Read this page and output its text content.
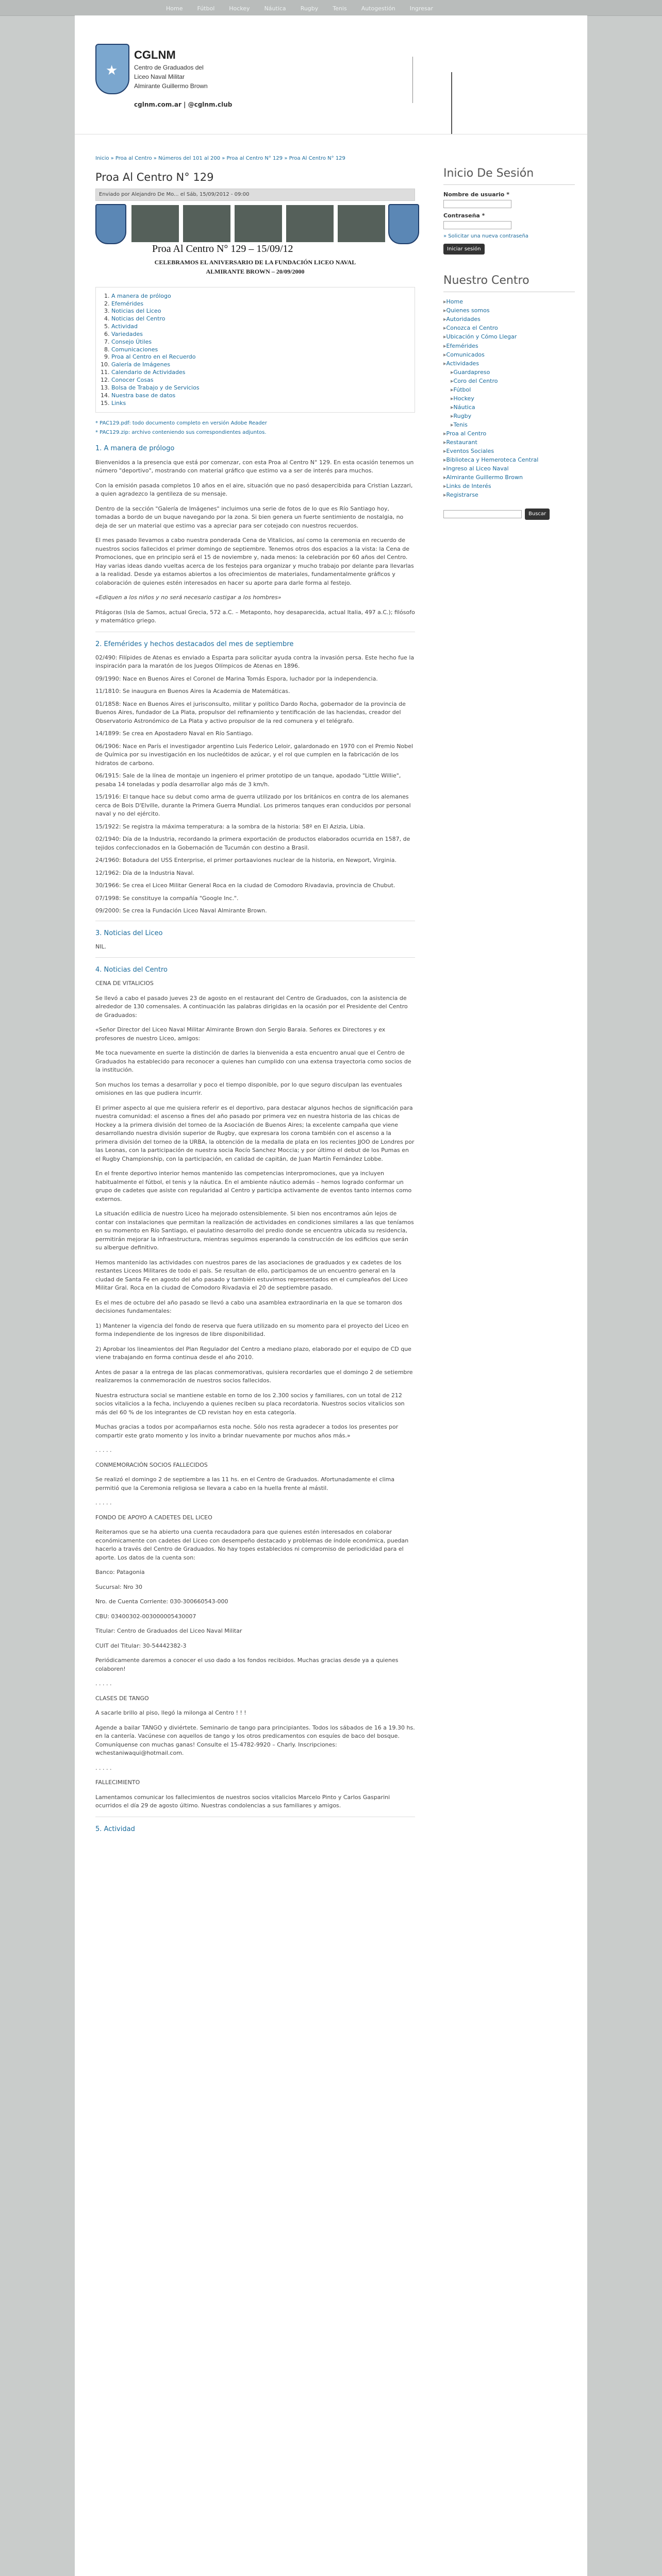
Home	Fútbol	Hockey	Náutica	Rugby	Tenis	Autogestión	Ingresar
★
CGLNM
Centro de Graduados del
Liceo Naval Militar
Almirante Guillermo Brown
cglnm.com.ar | @cglnm.club
Inicio » Proa al Centro » Números del 101 al 200 » Proa al Centro N° 129 » Proa Al Centro N° 129
Proa Al Centro N° 129
Enviado por Alejandro De Mo... el Sáb, 15/09/2012 - 09:00
Proa Al Centro N° 129 – 15/09/12
CELEBRAMOS EL ANIVERSARIO DE LA FUNDACIÓN LICEO NAVAL
ALMIRANTE BROWN – 20/09/2000
1. A manera de prólogo
2. Efemérides
3. Noticias del Liceo
4. Noticias del Centro
5. Actividad
6. Variedades
7. Consejo Útiles
8. Comunicaciones
9. Proa al Centro en el Recuerdo
10. Galería de Imágenes
11. Calendario de Actividades
12. Conocer Cosas
13. Bolsa de Trabajo y de Servicios
14. Nuestra base de datos
15. Links

* PAC129.pdf: todo documento completo en versión Adobe Reader

* PAC129.zip: archivo conteniendo sus correspondientes adjuntos.

1. A manera de prólogo

Bienvenidos a la presencia que está por comenzar, con esta Proa al Centro N° 129. En esta ocasión tenemos un número "deportivo", mostrando con material gráfico que estimo va a ser de interés para muchos.

Con la emisión pasada completos 10 años en el aire, situación que no pasó desapercibida para Cristian Lazzari, a quien agradezco la gentileza de su mensaje.

Dentro de la sección "Galería de Imágenes" incluimos una serie de fotos de lo que es Río Santiago hoy, tomadas a bordo de un buque navegando por la zona. Si bien genera un fuerte sentimiento de nostalgia, no deja de ser un material que estimo vas a apreciar para ser cotejado con nuestros recuerdos.

El mes pasado llevamos a cabo nuestra ponderada Cena de Vitalicios, así como la ceremonia en recuerdo de nuestros socios fallecidos el primer domingo de septiembre. Tenemos otros dos espacios a la vista: la Cena de Promociones, que en principio será el 15 de noviembre y, nada menos: la celebración por 60 años del Centro. Hay varias ideas dando vueltas acerca de los festejos para organizar y mucho trabajo por delante para llevarlas a la realidad. Desde ya estamos abiertos a los ofrecimientos de materiales, fundamentalmente gráficos y colaboración de quienes estén interesados en hacer su aporte para darle forma al festejo.

«Ediquen a los niños y no será necesario castigar a los hombres»

Pitágoras (Isla de Samos, actual Grecia, 572 a.C. – Metaponto, hoy desaparecida, actual Italia, 497 a.C.); filósofo y matemático griego.

2. Efemérides y hechos destacados del mes de septiembre

02/490: Filípides de Atenas es enviado a Esparta para solicitar ayuda contra la invasión persa. Este hecho fue la inspiración para la maratón de los Juegos Olímpicos de Atenas en 1896.

09/1990: Nace en Buenos Aires el Coronel de Marina Tomás Espora, luchador por la independencia.

11/1810: Se inaugura en Buenos Aires la Academia de Matemáticas.

01/1858: Nace en Buenos Aires el jurisconsulto, militar y político Dardo Rocha, gobernador de la provincia de Buenos Aires, fundador de La Plata, propulsor del refinamiento y tentificación de las haciendas, creador del Observatorio Astronómico de La Plata y activo propulsor de la red comunera y el telégrafo.

14/1899: Se crea en Apostadero Naval en Río Santiago.

06/1906: Nace en París el investigador argentino Luis Federico Leloir, galardonado en 1970 con el Premio Nobel de Química por su investigación en los nucleótidos de azúcar, y el rol que cumplen en la fabricación de los hidratos de carbono.

06/1915: Sale de la línea de montaje un ingeniero el primer prototipo de un tanque, apodado "Little Willie", pesaba 14 toneladas y podía desarrollar algo más de 3 km/h.

15/1916: El tanque hace su debut como arma de guerra utilizado por los británicos en contra de los alemanes cerca de Bois D'Elville, durante la Primera Guerra Mundial. Los primeros tanques eran conducidos por personal naval y no del ejército.

15/1922: Se registra la máxima temperatura: a la sombra de la historia: 58º en El Azizia, Libia.

02/1940: Día de la Industria, recordando la primera exportación de productos elaborados ocurrida en 1587, de tejidos confeccionados en la Gobernación de Tucumán con destino a Brasil.

24/1960: Botadura del USS Enterprise, el primer portaaviones nuclear de la historia, en Newport, Virginia.

12/1962: Día de la Industria Naval.

30/1966: Se crea el Liceo Militar General Roca en la ciudad de Comodoro Rivadavia, provincia de Chubut.

07/1998: Se constituye la compañía "Google Inc.".

09/2000: Se crea la Fundación Liceo Naval Almirante Brown.

3. Noticias del Liceo

NIL.

4. Noticias del Centro

CENA DE VITALICIOS

Se llevó a cabo el pasado jueves 23 de agosto en el restaurant del Centro de Graduados, con la asistencia de alrededor de 130 comensales. A continuación las palabras dirigidas en la ocasión por el Presidente del Centro de Graduados:

«Señor Director del Liceo Naval Militar Almirante Brown don Sergio Baraia. Señores ex Directores y ex profesores de nuestro Liceo, amigos:

Me toca nuevamente en suerte la distinción de darles la bienvenida a esta encuentro anual que el Centro de Graduados ha establecido para reconocer a quienes han cumplido con una extensa trayectoria como socios de la institución.

Son muchos los temas a desarrollar y poco el tiempo disponible, por lo que seguro disculpan las eventuales omisiones en las que pudiera incurrir.

El primer aspecto al que me quisiera referir es el deportivo, para destacar algunos hechos de significación para nuestra comunidad: el ascenso a fines del año pasado por primera vez en nuestra historia de las chicas de Hockey a la primera división del torneo de la Asociación de Buenos Aires; la excelente campaña que viene desarrollando nuestra división superior de Rugby, que expresara los corona también con el ascenso a la primera división del torneo de la URBA, la obtención de la medalla de plata en los recientes JJOO de Londres por las Leonas, con la participación de nuestra socia Rocío Sanchez Moccia; y por último el debut de los Pumas en el Rugby Championship, con la participación, en calidad de capitán, de Juan Martín Fernández Lobbe.

En el frente deportivo interior hemos mantenido las competencias interpromociones, que ya incluyen habitualmente el fútbol, el tenis y la náutica. En el ambiente náutico además – hemos logrado conformar un grupo de cadetes que asiste con regularidad al Centro y participa activamente de eventos tanto internos como externos.

La situación edilicia de nuestro Liceo ha mejorado ostensiblemente. Si bien nos encontramos aún lejos de contar con instalaciones que permitan la realización de actividades en condiciones similares a las que teníamos en su momento en Río Santiago, el paulatino desarrollo del predio donde se encuentra ubicada su residencia, permitirán mejorar la infraestructura, mientras seguimos esperando la construcción de los edificios que serán su albergue definitivo.

Hemos mantenido las actividades con nuestros pares de las asociaciones de graduados y ex cadetes de los restantes Liceos Militares de todo el país. Se resultan de ello, participamos de un encuentro general en la ciudad de Santa Fe en agosto del año pasado y también estuvimos representados en el cumpleaños del Liceo Militar Gral. Roca en la ciudad de Comodoro Rivadavia el 20 de septiembre pasado.

Es el mes de octubre del año pasado se llevó a cabo una asamblea extraordinaria en la que se tomaron dos decisiones fundamentales:

1) Mantener la vigencia del fondo de reserva que fuera utilizado en su momento para el proyecto del Liceo en forma independiente de los ingresos de libre disponibilidad.

2) Aprobar los lineamientos del Plan Regulador del Centro a mediano plazo, elaborado por el equipo de CD que viene trabajando en forma continua desde el año 2010.

Antes de pasar a la entrega de las placas conmemorativas, quisiera recordarles que el domingo 2 de setiembre realizaremos la conmemoración de nuestros socios fallecidos.

Nuestra estructura social se mantiene estable en torno de los 2.300 socios y familiares, con un total de 212 socios vitalicios a la fecha, incluyendo a quienes reciben su placa recordatoria. Nuestros socios vitalicios son más del 60 % de los integrantes de CD revistan hoy en esta categoría.

Muchas gracias a todos por acompañarnos esta noche. Sólo nos resta agradecer a todos los presentes por compartir este grato momento y los invito a brindar nuevamente por muchos años más.»

. . . . .

CONMEMORACIÓN SOCIOS FALLECIDOS

Se realizó el domingo 2 de septiembre a las 11 hs. en el Centro de Graduados. Afortunadamente el clima permitió que la Ceremonia religiosa se llevara a cabo en la huella frente al mástil.

. . . . .

FONDO DE APOYO A CADETES DEL LICEO

Reiteramos que se ha abierto una cuenta recaudadora para que quienes estén interesados en colaborar económicamente con cadetes del Liceo con desempeño destacado y problemas de índole económica, puedan hacerlo a través del Centro de Graduados. No hay topes establecidos ni compromiso de periodicidad para el aporte. Los datos de la cuenta son:

Banco: Patagonia

Sucursal: Nro 30

Nro. de Cuenta Corriente: 030-300660543-000

CBU: 03400302-003000005430007

Titular: Centro de Graduados del Liceo Naval Militar

CUIT del Titular: 30-54442382-3

Periódicamente daremos a conocer el uso dado a los fondos recibidos. Muchas gracias desde ya a quienes colaboren!

. . . . .

CLASES DE TANGO

A sacarle brillo al piso, llegó la milonga al Centro ! ! !

Agende a bailar TANGO y diviértete. Seminario de tango para principiantes. Todos los sábados de 16 a 19.30 hs. en la cantería. Vacúnese con aquellos de tango y los otros predicamentos con esquíes de baco del bosque. Comuníquense con muchas ganas! Consulte el 15-4782-9920 – Charly. Inscripciones: wchestaniwaqui@hotmail.com.

. . . . .

FALLECIMIENTO

Lamentamos comunicar los fallecimientos de nuestros socios vitalicios Marcelo Pinto y Carlos Gasparini ocurridos el día 29 de agosto último. Nuestras condolencias a sus familiares y amigos.

5. Actividad
Inicio De Sesión
Nombre de usuario *
Contraseña *
» Solicitar una nueva contraseña
Iniciar sesión
Nuestro Centro
▸ Home
▸ Quienes somos
▸ Autoridades
▸ Conozca el Centro
▸ Ubicación y Cómo Llegar
▸ Efemérides
▸ Comunicados
▸ Actividades
▸ Guardapreso
▸ Coro del Centro
▸ Fútbol
▸ Hockey
▸ Náutica
▸ Rugby
▸ Tenis
▸ Proa al Centro
▸ Restaurant
▸ Eventos Sociales
▸ Biblioteca y Hemeroteca Central
▸ Ingreso al Liceo Naval
▸ Almirante Guillermo Brown
▸ Links de Interés
▸ Registrarse
Buscar
